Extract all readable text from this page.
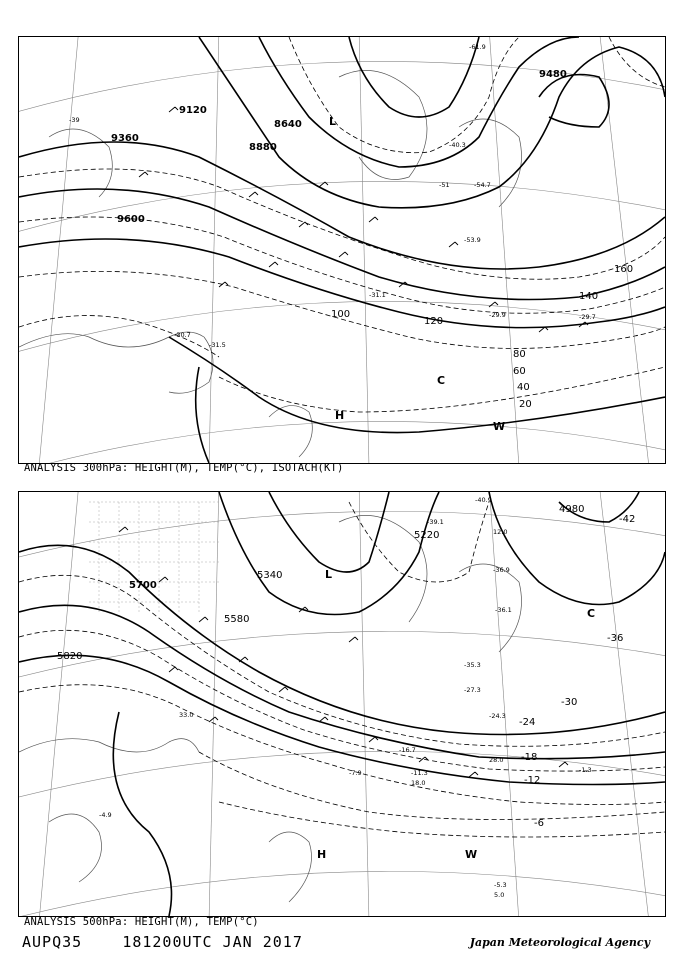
9120
9360
9600
8640
8880
9480
20
40
60
80
100
120
140
160
-39
-51	-54.7
-53.9
-31.5
-31.1
-30.7
-29.9	-29.7
-61.9
-40.3
L
H
C
W
ANALYSIS 300hPa: HEIGHT(M), TEMP(°C), ISOTACH(KT)
5700
5820
5580
5340
5220
4980
-42
-36
-30
-24
-18
-12
-6
-40.9
-39.1
-36.9
-36.1
-35.3
-27.3
-24.3
-16.7
-11.3
-7.9
-5.3
-4.9
-1.3
33.0
28.0
18.0
12.0
5.0
L
H
C
W
ANALYSIS 500hPa: HEIGHT(M), TEMP(°C)
AUPQ35	181200UTC JAN 2017	Japan Meteorological Agency
